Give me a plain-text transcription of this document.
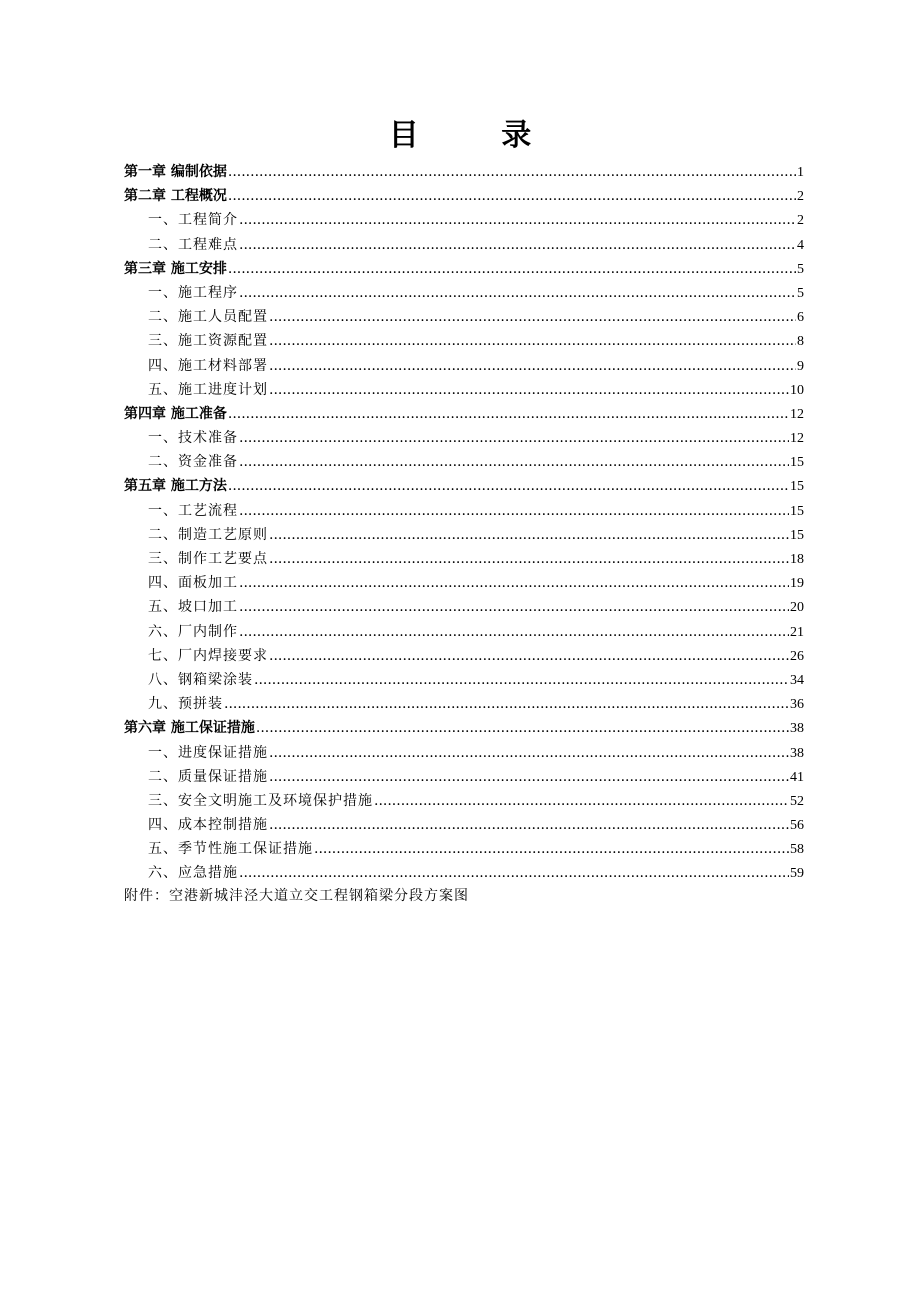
目 录
第一章 编制依据 .....	1
第二章 工程概况 .....	2
一、工程简介 .....	2
二、工程难点 .....	4
第三章 施工安排 .....	5
一、施工程序 .....	5
二、施工人员配置 .....	6
三、施工资源配置 .....	8
四、施工材料部署 .....	9
五、施工进度计划 .....	10
第四章 施工准备 .....	12
一、技术准备 .....	12
二、资金准备 .....	15
第五章 施工方法 .....	15
一、工艺流程 .....	15
二、制造工艺原则 .....	15
三、制作工艺要点 .....	18
四、面板加工 .....	19
五、坡口加工 .....	20
六、厂内制作 .....	21
七、厂内焊接要求 .....	26
八、钢箱梁涂装 .....	34
九、预拼装 .....	36
第六章 施工保证措施 .....	38
一、进度保证措施 .....	38
二、质量保证措施 .....	41
三、安全文明施工及环境保护措施 .....	52
四、成本控制措施 .....	56
五、季节性施工保证措施 .....	58
六、应急措施 .....	59
附件：空港新城沣泾大道立交工程钢箱梁分段方案图
